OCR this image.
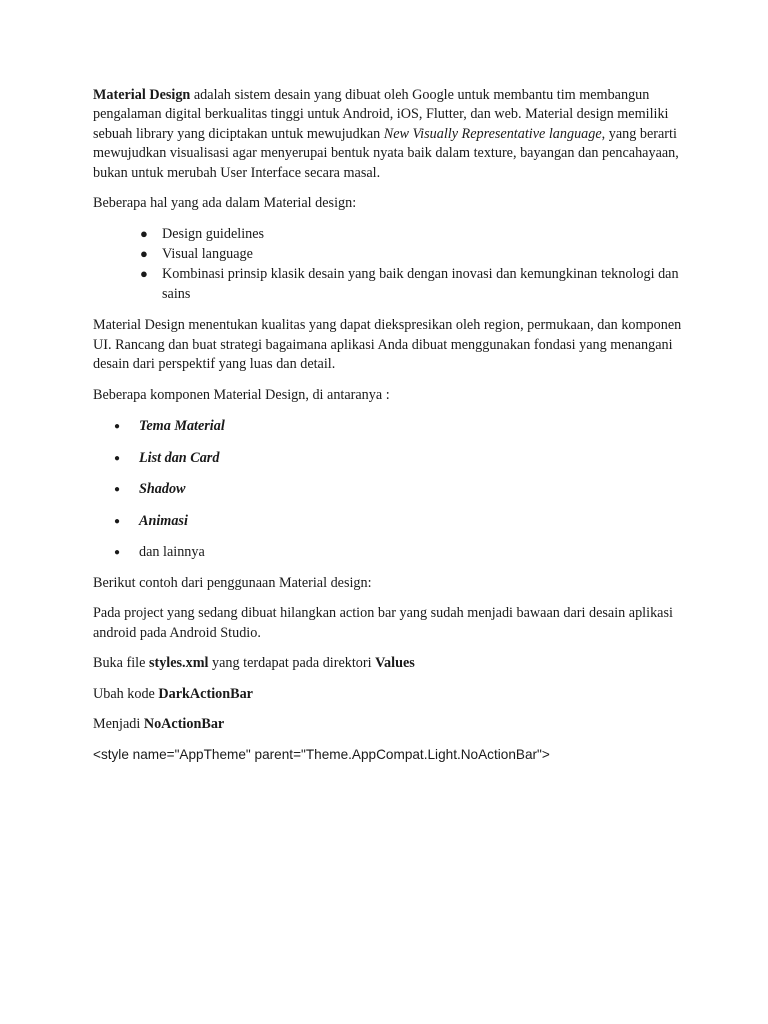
Material Design adalah sistem desain yang dibuat oleh Google untuk membantu tim membangun pengalaman digital berkualitas tinggi untuk Android, iOS, Flutter, dan web. Material design memiliki sebuah library yang diciptakan untuk mewujudkan New Visually Representative language, yang berarti mewujudkan visualisasi agar menyerupai bentuk nyata baik dalam texture, bayangan dan pencahayaan, bukan untuk merubah User Interface secara masal.

Beberapa hal yang ada dalam Material design:

● Design guidelines
● Visual language
● Kombinasi prinsip klasik desain yang baik dengan inovasi dan kemungkinan teknologi dan sains

Material Design menentukan kualitas yang dapat diekspresikan oleh region, permukaan, dan komponen UI. Rancang dan buat strategi bagaimana aplikasi Anda dibuat menggunakan fondasi yang menangani desain dari perspektif yang luas dan detail.

Beberapa komponen Material Design, di antaranya :

● Tema Material
● List dan Card
● Shadow
● Animasi
● dan lainnya

Berikut contoh dari penggunaan Material design:

Pada project yang sedang dibuat hilangkan action bar yang sudah menjadi bawaan dari desain aplikasi android pada Android Studio.

Buka file styles.xml yang terdapat pada direktori Values

Ubah kode DarkActionBar

Menjadi NoActionBar

<style name="AppTheme" parent="Theme.AppCompat.Light.NoActionBar">
